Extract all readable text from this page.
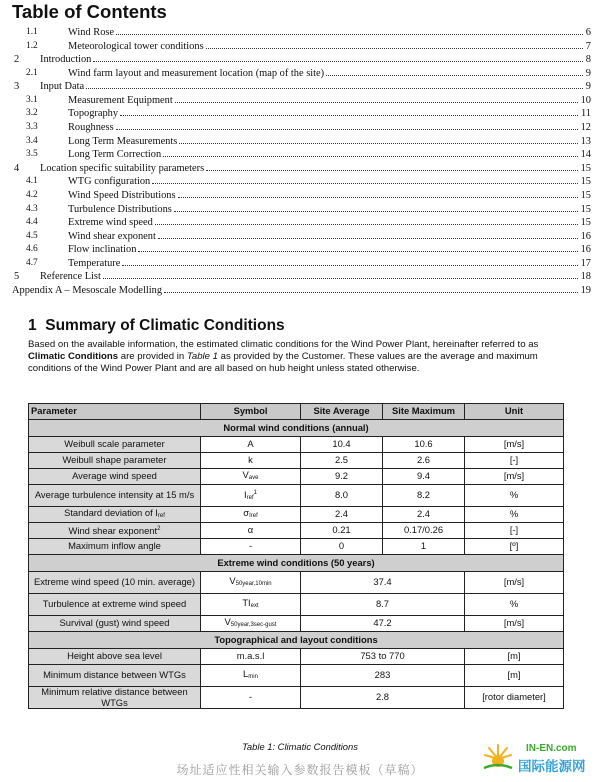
Table of Contents
1.1	Wind Rose	6
1.2	Meteorological tower conditions	7
2 Introduction	8
2.1	Wind farm layout and measurement location (map of the site)	9
3 Input Data	9
3.1	Measurement Equipment	10
3.2	Topography	11
3.3	Roughness	12
3.4	Long Term Measurements	13
3.5	Long Term Correction	14
4 Location specific suitability parameters	15
4.1	WTG configuration	15
4.2	Wind Speed Distributions	15
4.3	Turbulence Distributions	15
4.4	Extreme wind speed	15
4.5	Wind shear exponent	16
4.6	Flow inclination	16
4.7	Temperature	17
5 Reference List	18
Appendix A – Mesoscale Modelling	19
1 Summary of Climatic Conditions
Based on the available information, the estimated climatic conditions for the Wind Power Plant, hereinafter referred to as Climatic Conditions are provided in Table 1 as provided by the Customer. These values are the average and maximum conditions of the Wind Power Plant and are all based on hub height unless stated otherwise.
Parameter	Symbol	Site Average	Site Maximum	Unit
Normal wind conditions (annual)				
Weibull scale parameter	A	10.4	10.6	[m/s]
Weibull shape parameter	k	2.5	2.6	[-]
Average wind speed	Vave	9.2	9.4	[m/s]
Average turbulence intensity at 15 m/s	Iref$^1$	8.0	8.2	%
Standard deviation of Iref	σIref	2.4	2.4	%
Wind shear exponent$^2$	α	0.21	0.17/0.26	[-]
Maximum inflow angle	-	0	1	[º]
Extreme wind conditions (50 years)				
Extreme wind speed (10 min. average)	V50year,10min	37.4		[m/s]
Turbulence at extreme wind speed	TIext	8.7		%
Survival (gust) wind speed	V50year,3sec-gust	47.2		[m/s]
Topographical and layout conditions				
Height above sea level	m.a.s.l	753 to 770		[m]
Minimum distance between WTGs	Lmin	283		[m]
Minimum relative distance between WTGs	-	2.8		[rotor diameter]
Table 1: Climatic Conditions
场址适应性相关输入参数报告模板（草稿）
IN-EN.com
国际能源网
